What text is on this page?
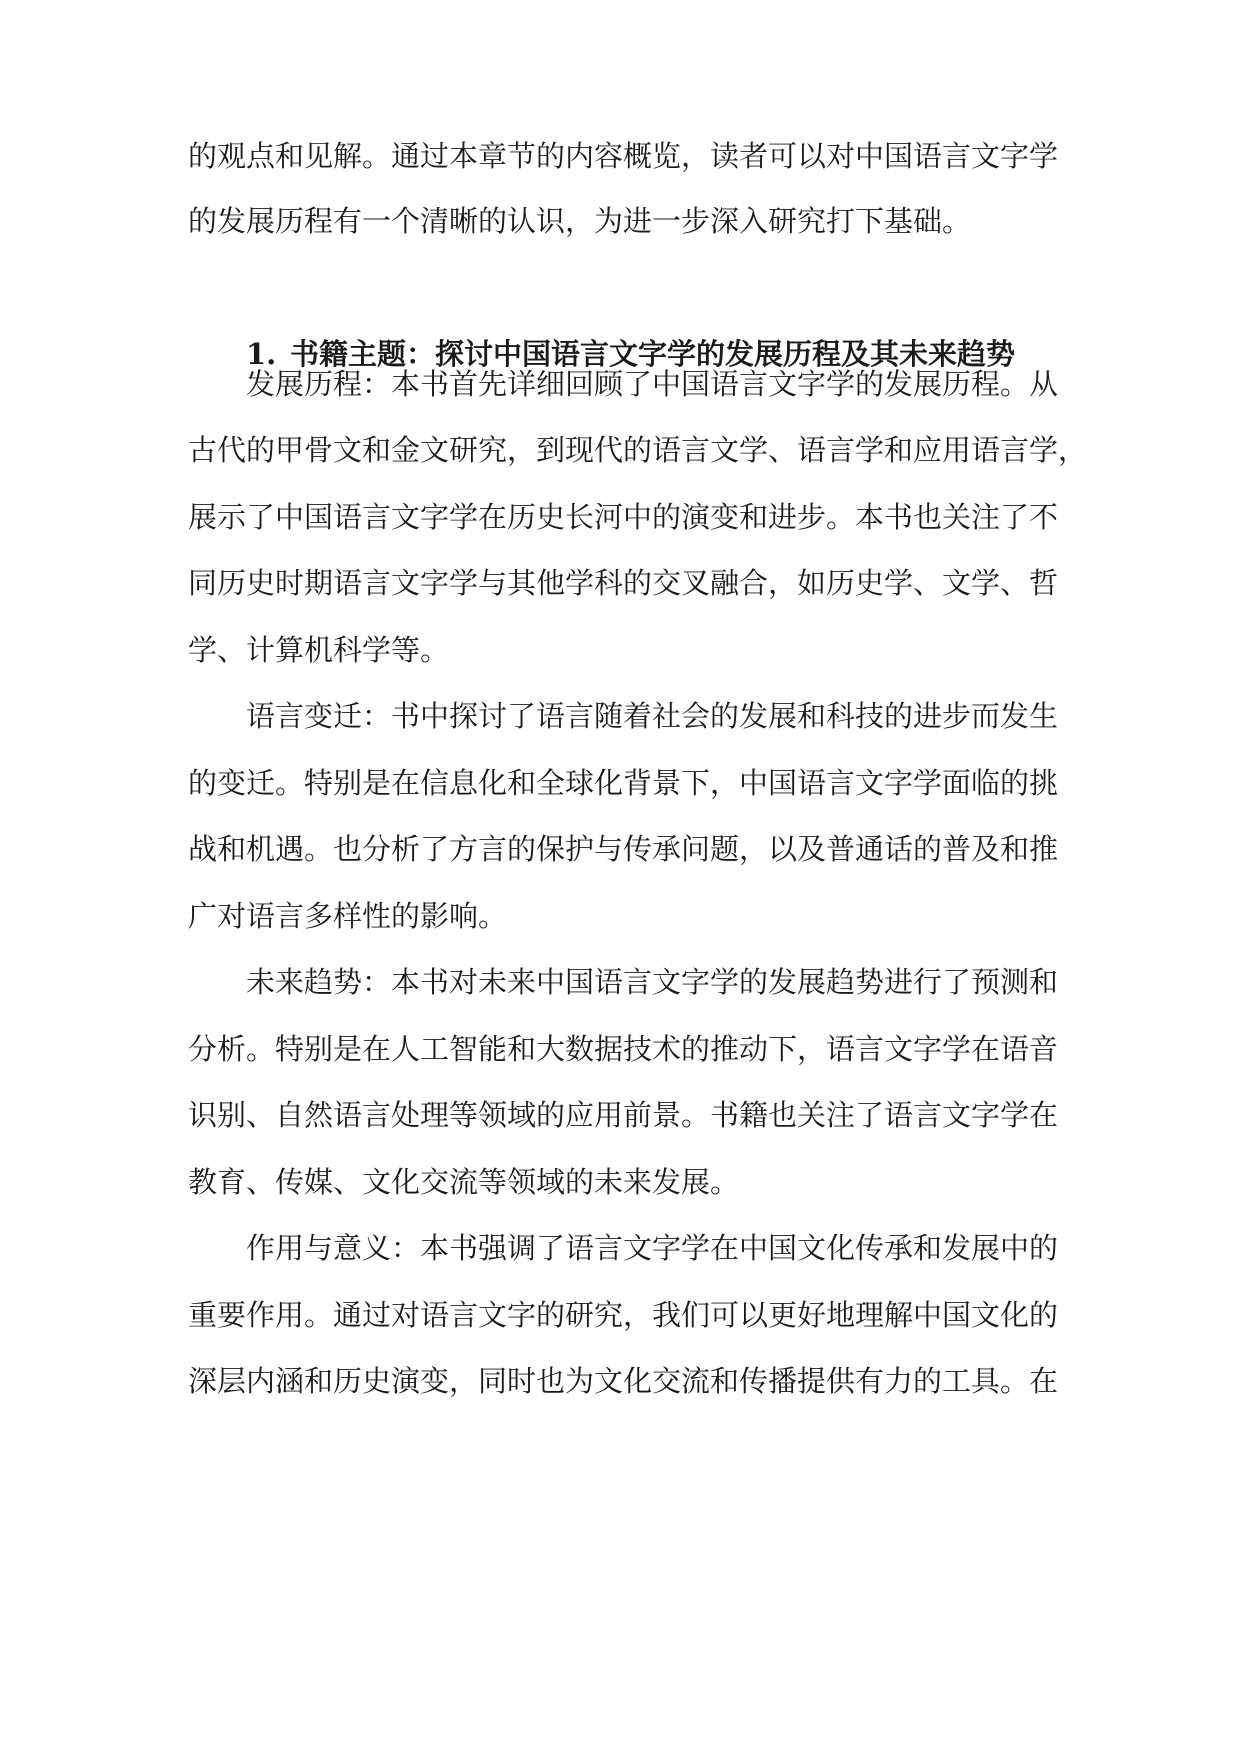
的观点和见解。通过本章节的内容概览，读者可以对中国语言文字学
的发展历程有一个清晰的认识，为进一步深入研究打下基础。
1. 书籍主题：探讨中国语言文字学的发展历程及其未来趋势
发展历程：本书首先详细回顾了中国语言文字学的发展历程。从
古代的甲骨文和金文研究，到现代的语言文学、语言学和应用语言学，
展示了中国语言文字学在历史长河中的演变和进步。本书也关注了不
同历史时期语言文字学与其他学科的交叉融合，如历史学、文学、哲
学、计算机科学等。
语言变迁：书中探讨了语言随着社会的发展和科技的进步而发生
的变迁。特别是在信息化和全球化背景下，中国语言文字学面临的挑
战和机遇。也分析了方言的保护与传承问题，以及普通话的普及和推
广对语言多样性的影响。
未来趋势：本书对未来中国语言文字学的发展趋势进行了预测和
分析。特别是在人工智能和大数据技术的推动下，语言文字学在语音
识别、自然语言处理等领域的应用前景。书籍也关注了语言文字学在
教育、传媒、文化交流等领域的未来发展。
作用与意义：本书强调了语言文字学在中国文化传承和发展中的
重要作用。通过对语言文字的研究，我们可以更好地理解中国文化的
深层内涵和历史演变，同时也为文化交流和传播提供有力的工具。在
